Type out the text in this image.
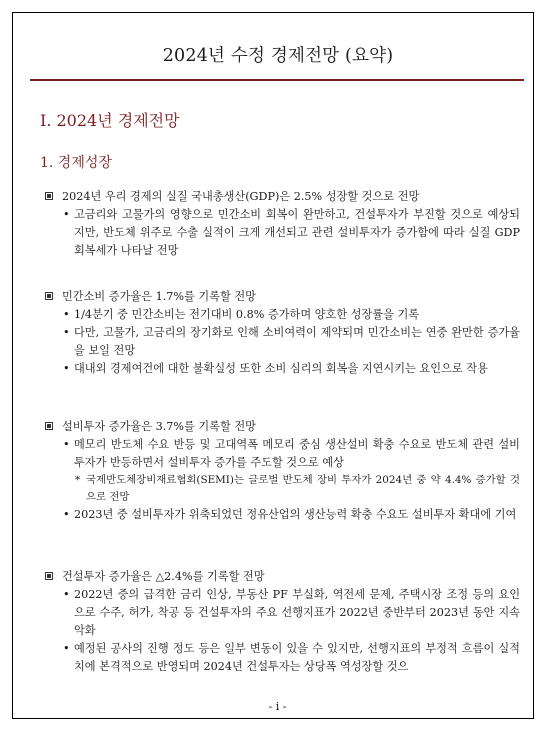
2024년 수정 경제전망 (요약)
Ⅰ. 2024년 경제전망
1. 경제성장
2024년 우리 경제의 실질 국내총생산(GDP)은 2.5% 성장할 것으로 전망
• 고금리와 고물가의 영향으로 민간소비 회복이 완만하고, 건설투자가 부진할 것으로 예상되지만, 반도체 위주로 수출 실적이 크게 개선되고 관련 설비투자가 증가함에 따라 실질 GDP 회복세가 나타날 전망
민간소비 증가율은 1.7%를 기록할 전망
• 1/4분기 중 민간소비는 전기대비 0.8% 증가하며 양호한 성장률을 기록
• 다만, 고물가, 고금리의 장기화로 인해 소비여력이 제약되며 민간소비는 연중 완만한 증가율을 보일 전망
• 대내외 경제여건에 대한 불확실성 또한 소비 심리의 회복을 지연시키는 요인으로 작용
설비투자 증가율은 3.7%를 기록할 전망
• 메모리 반도체 수요 반등 및 고대역폭 메모리 중심 생산설비 확충 수요로 반도체 관련 설비투자가 반등하면서 설비투자 증가를 주도할 것으로 예상
* 국제반도체장비재료협회(SEMI)는 글로벌 반도체 장비 투자가 2024년 중 약 4.4% 증가할 것으로 전망
• 2023년 중 설비투자가 위축되었던 정유산업의 생산능력 확충 수요도 설비투자 확대에 기여
건설투자 증가율은 △2.4%를 기록할 전망
• 2022년 중의 급격한 금리 인상, 부동산 PF 부실화, 역전세 문제, 주택시장 조정 등의 요인으로 수주, 허가, 착공 등 건설투자의 주요 선행지표가 2022년 중반부터 2023년 동안 지속 악화
• 예정된 공사의 진행 정도 등은 일부 변동이 있을 수 있지만, 선행지표의 부정적 흐름이 실적치에 본격적으로 반영되며 2024년 건설투자는 상당폭 역성장할 것으
- i -
